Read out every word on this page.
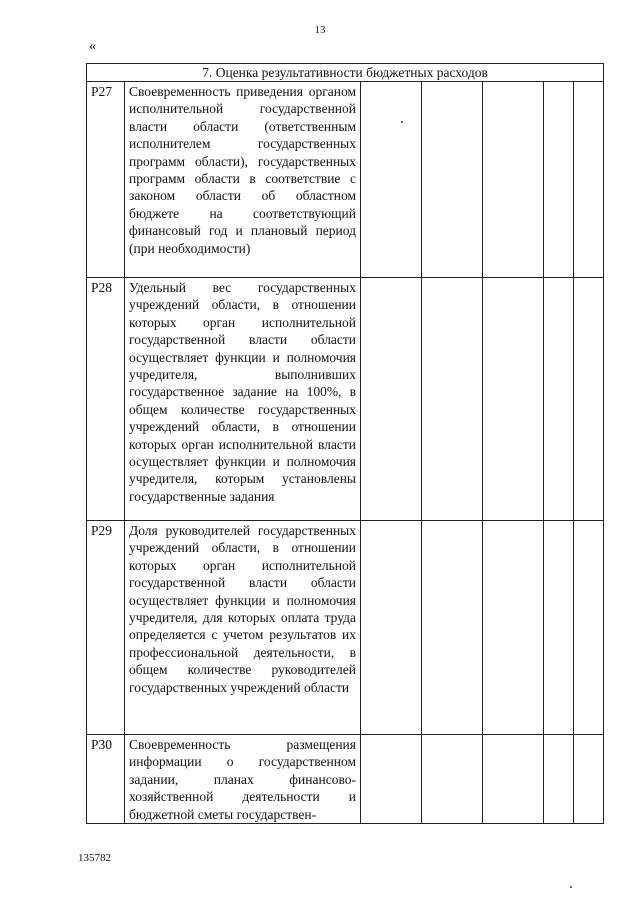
13
«
7. Оценка результативности бюджетных расходов						
P27	Своевременность приведения органом исполнительной государственной власти области (ответственным исполнителем государственных программ области), государственных программ области в соответствие с законом области об областном бюджете на соответствующий финансовый год и плановый период (при необходимости)					
P28	Удельный вес государственных учреждений области, в отношении которых орган исполнительной государственной власти области осуществляет функции и полномочия учредителя, выполнивших государственное задание на 100%, в общем количестве государственных учреждений области, в отношении которых орган исполнительной власти осуществляет функции и полномочия учредителя, которым установлены государственные задания					
P29	Доля руководителей государственных учреждений области, в отношении которых орган исполнительной государственной власти области осуществляет функции и полномочия учредителя, для которых оплата труда определяется с учетом результатов их профессиональной деятельности, в общем количестве руководителей государственных учреждений области					
P30	Своевременность размещения информации о государственном задании, планах финансово-хозяйственной деятельности и бюджетной сметы государствен-					
135782
